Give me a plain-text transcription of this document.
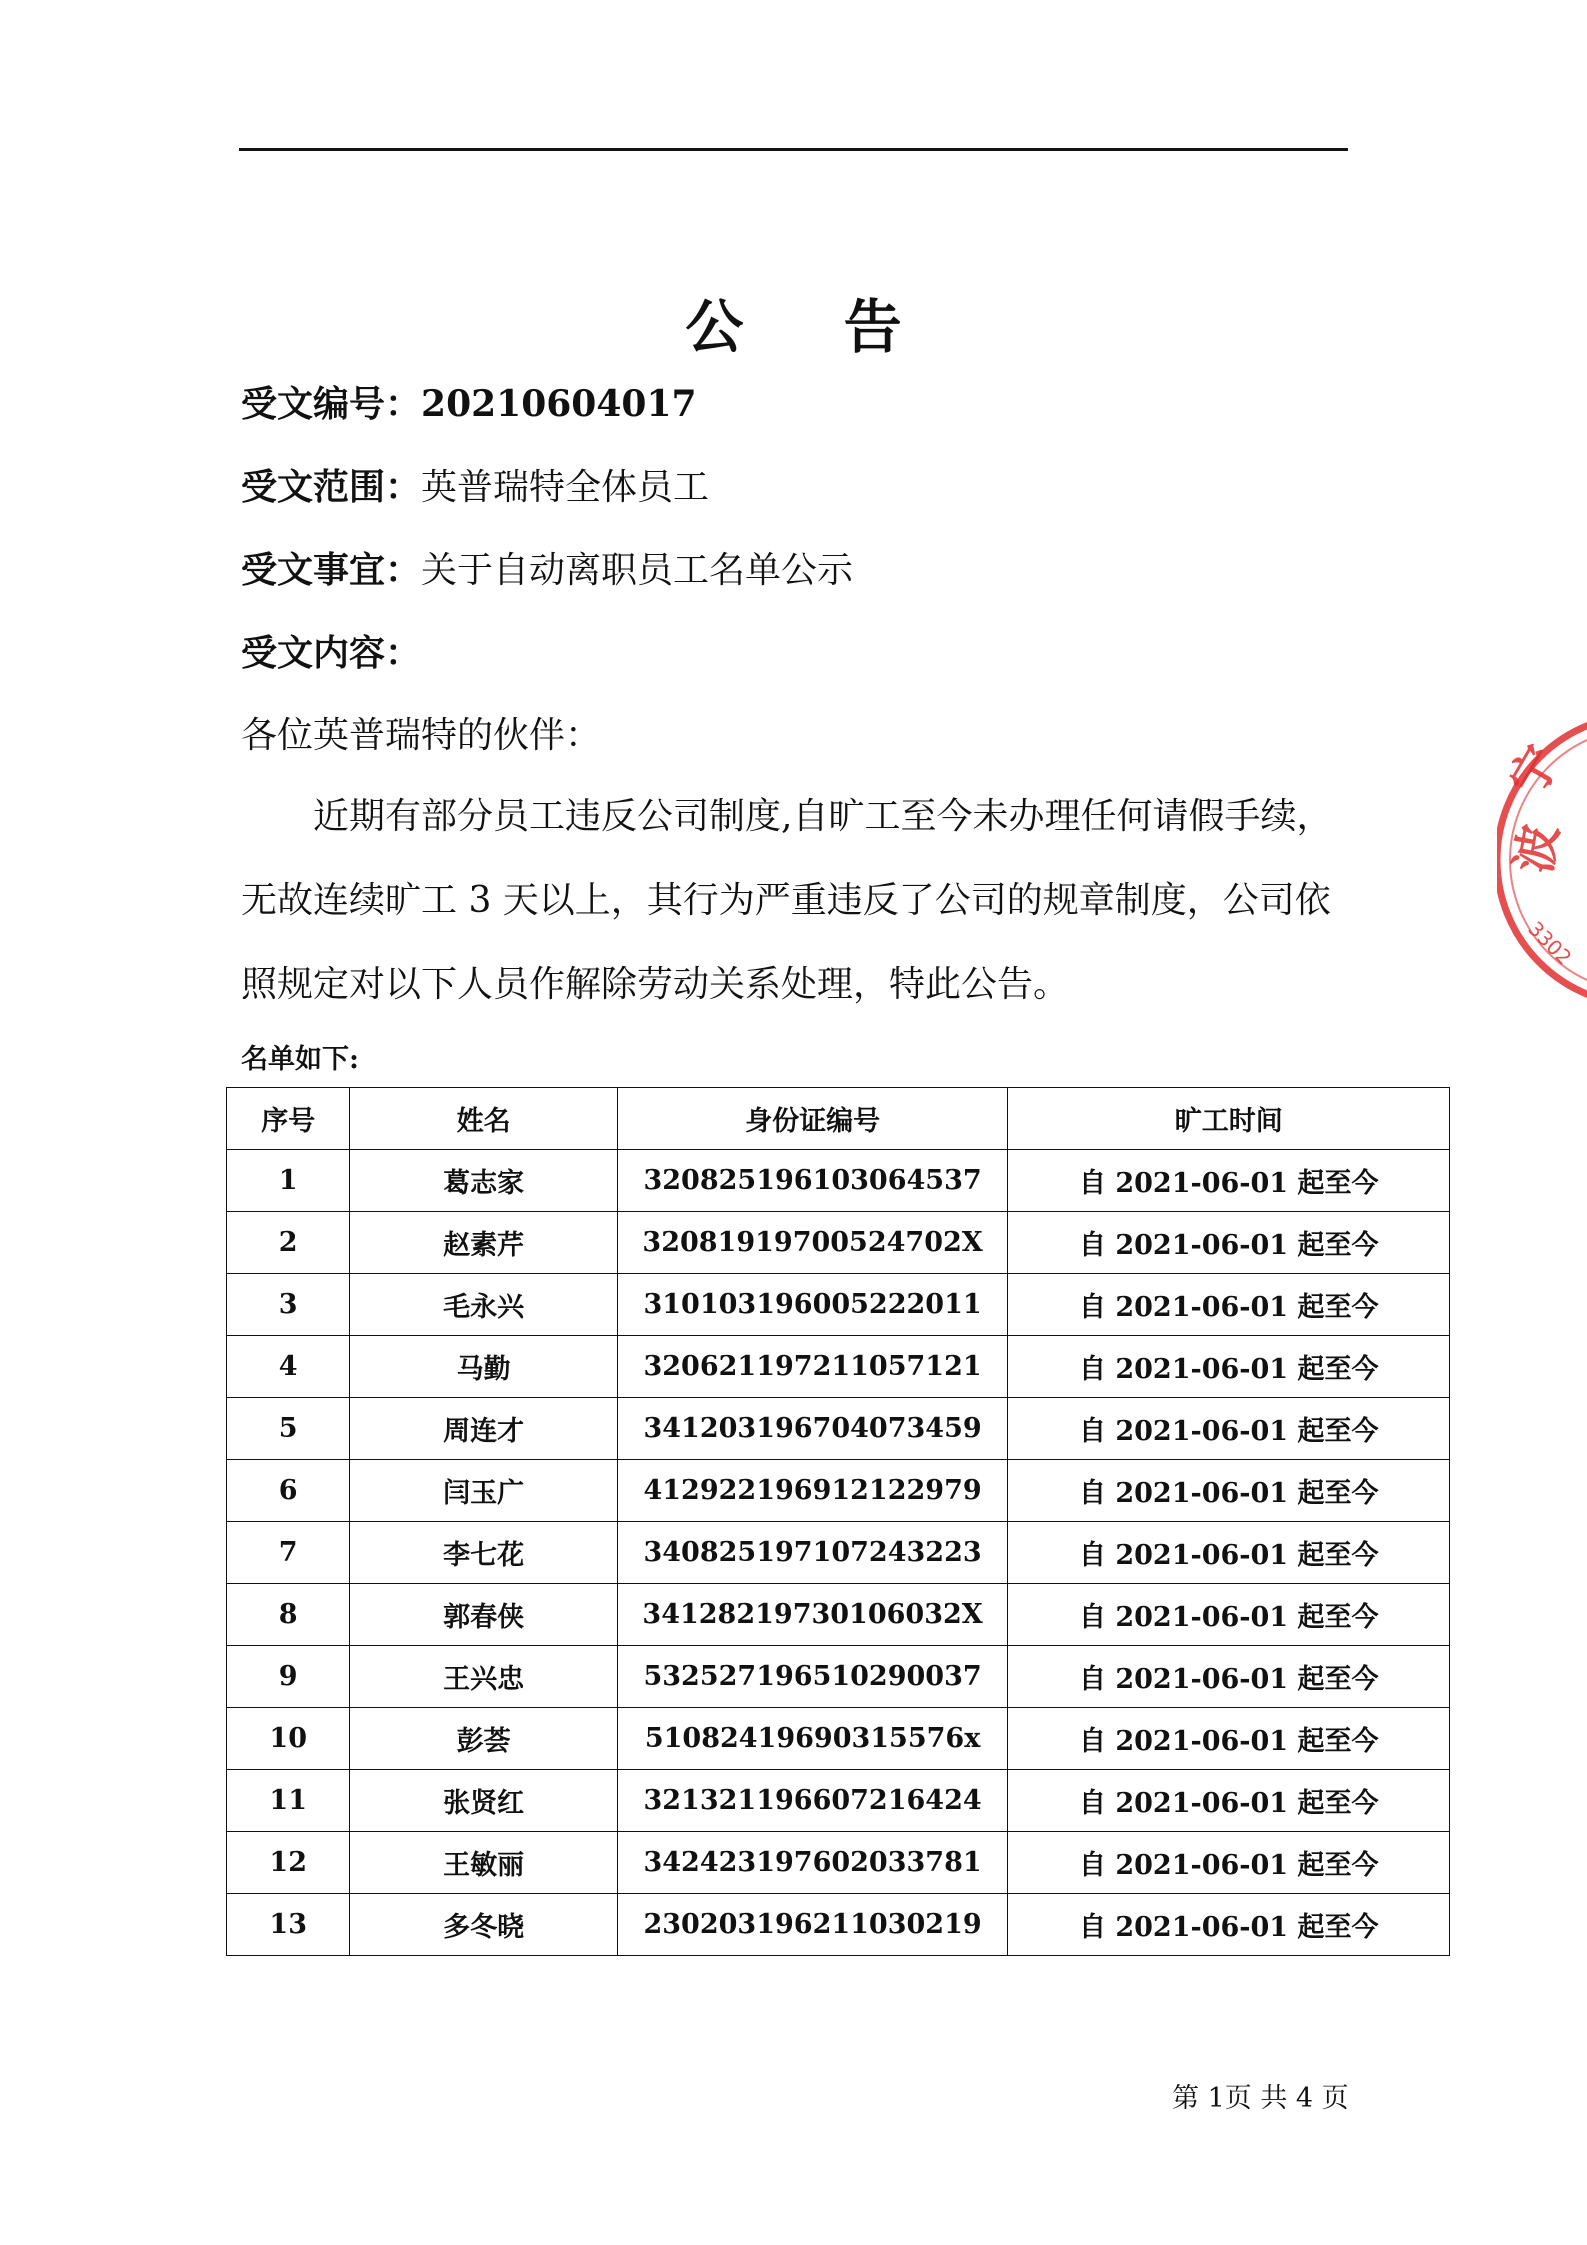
公 告
受文编号：20210604017
受文范围：英普瑞特全体员工
受文事宜：关于自动离职员工名单公示
受文内容：
各位英普瑞特的伙伴：
近期有部分员工违反公司制度,自旷工至今未办理任何请假手续，无故连续旷工 3 天以上，其行为严重违反了公司的规章制度，公司依照规定对以下人员作解除劳动关系处理，特此公告。
名单如下:
序号	姓名	身份证编号	旷工时间
1	葛志家	320825196103064537	自 2021-06-01 起至今
2	赵素芹	32081919700524702X	自 2021-06-01 起至今
3	毛永兴	310103196005222011	自 2021-06-01 起至今
4	马勤	320621197211057121	自 2021-06-01 起至今
5	周连才	341203196704073459	自 2021-06-01 起至今
6	闫玉广	412922196912122979	自 2021-06-01 起至今
7	李七花	340825197107243223	自 2021-06-01 起至今
8	郭春侠	34128219730106032X	自 2021-06-01 起至今
9	王兴忠	532527196510290037	自 2021-06-01 起至今
10	彭荟	51082419690315576x	自 2021-06-01 起至今
11	张贤红	321321196607216424	自 2021-06-01 起至今
12	王敏丽	342423197602033781	自 2021-06-01 起至今
13	多冬晓	230203196211030219	自 2021-06-01 起至今
第 1页 共 4 页
宁
波
3302
